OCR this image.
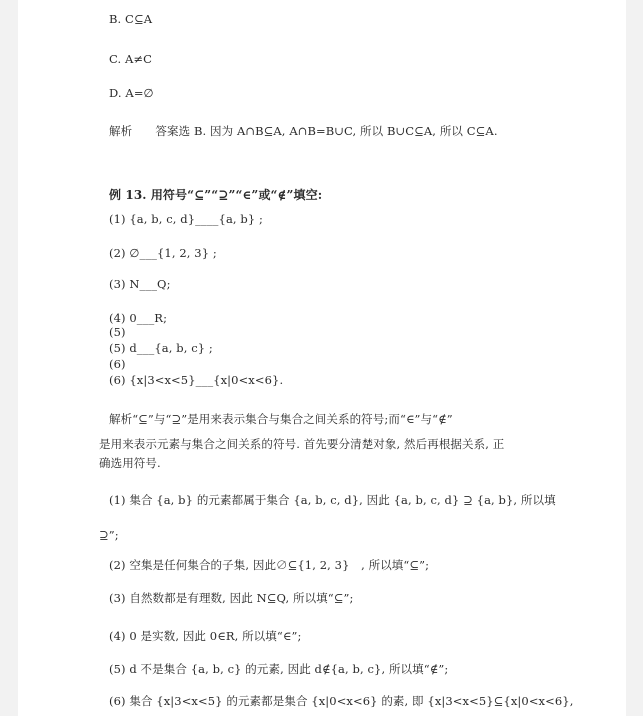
B. C⊆A
C. A≠C
D. A=∅
解析　　答案选 B. 因为 A∩B⊆A, A∩B=B∪C, 所以 B∪C⊆A, 所以 C⊆A.
例 13. 用符号“⊆”“⊇”“∈”或“∉”填空:
(1) {a, b, c, d}____{a, b} ;
(2) ∅___{1, 2, 3} ;
(3) N___Q;
(4) 0___R;
(5)
(5) d___{a, b, c} ;
(6)
(6) {x|3<x<5}___{x|0<x<6}.
解析“⊆”与“⊇”是用来表示集合与集合之间关系的符号;而“∈”与“∉”
是用来表示元素与集合之间关系的符号. 首先要分清楚对象, 然后再根据关系, 正
确选用符号.
(1) 集合 {a, b} 的元素都属于集合 {a, b, c, d}, 因此 {a, b, c, d} ⊇ {a, b}, 所以填
⊇”;
(2) 空集是任何集合的子集, 因此∅⊆{1, 2, 3}　, 所以填“⊆”;
(3) 自然数都是有理数, 因此 N⊆Q, 所以填“⊆”;
(4) 0 是实数, 因此 0∈R, 所以填“∈”;
(5) d 不是集合 {a, b, c} 的元素, 因此 d∉{a, b, c}, 所以填“∉”;
(6) 集合 {x|3<x<5} 的元素都是集合 {x|0<x<6} 的素, 即 {x|3<x<5}⊆{x|0<x<6},
